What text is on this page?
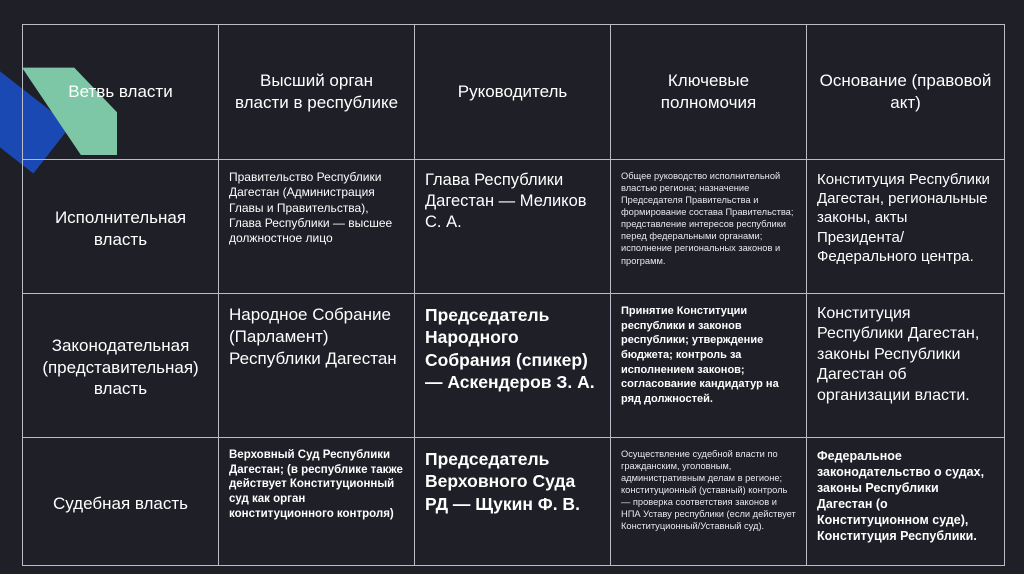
Ветвь власти	Высший орган власти в республике	Руководитель	Ключевые полномочия	Основание (правовой акт)
Исполнительная власть	Правительство Республики Дагестан (Администрация Главы и Правительства), Глава Республики — высшее должностное лицо	Глава Республики Дагестан — Меликов С. А.	Общее руководство исполнительной властью региона; назначение Председателя Правительства и формирование состава Правительства; представление интересов республики перед федеральными органами; исполнение региональных законов и программ.	Конституция Республики Дагестан, региональные законы, акты Президента/Федерального центра.
Законодательная (представительная) власть	Народное Собрание (Парламент) Республики Дагестан	Председатель Народного Собрания (спикер) — Аскендеров З. А.	Принятие Конституции республики и законов республики; утверждение бюджета; контроль за исполнением законов; согласование кандидатур на ряд должностей.	Конституция Республики Дагестан, законы Республики Дагестан об организации власти.
Судебная власть	Верховный Суд Республики Дагестан; (в республике также действует Конституционный суд как орган конституционного контроля)	Председатель Верховного Суда РД — Щукин Ф. В.	Осуществление судебной власти по гражданским, уголовным, административным делам в регионе; конституционный (уставный) контроль — проверка соответствия законов и НПА Уставу республики (если действует Конституционный/Уставный суд).	Федеральное законодательство о судах, законы Республики Дагестан (о Конституционном суде), Конституция Республики.
